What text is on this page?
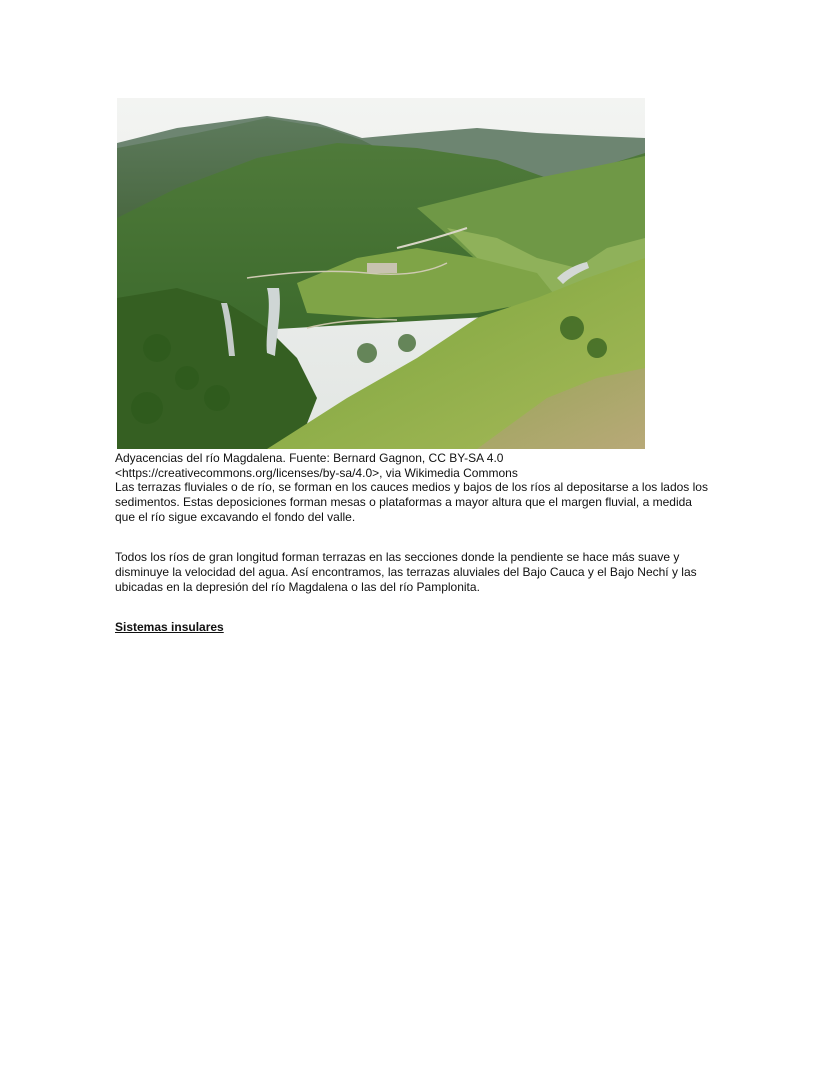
Adyacencias del río Magdalena. Fuente: Bernard Gagnon, CC BY-SA 4.0

<https://creativecommons.org/licenses/by-sa/4.0>, via Wikimedia Commons

Las terrazas fluviales o de río, se forman en los cauces medios y bajos de los ríos al depositarse a los lados los sedimentos. Estas deposiciones forman mesas o plataformas a mayor altura que el margen fluvial, a medida que el río sigue excavando el fondo del valle.

Todos los ríos de gran longitud forman terrazas en las secciones donde la pendiente se hace más suave y disminuye la velocidad del agua. Así encontramos, las terrazas aluviales del Bajo Cauca y el Bajo Nechí y las ubicadas en la depresión del río Magdalena o las del río Pamplonita.

Sistemas insulares
